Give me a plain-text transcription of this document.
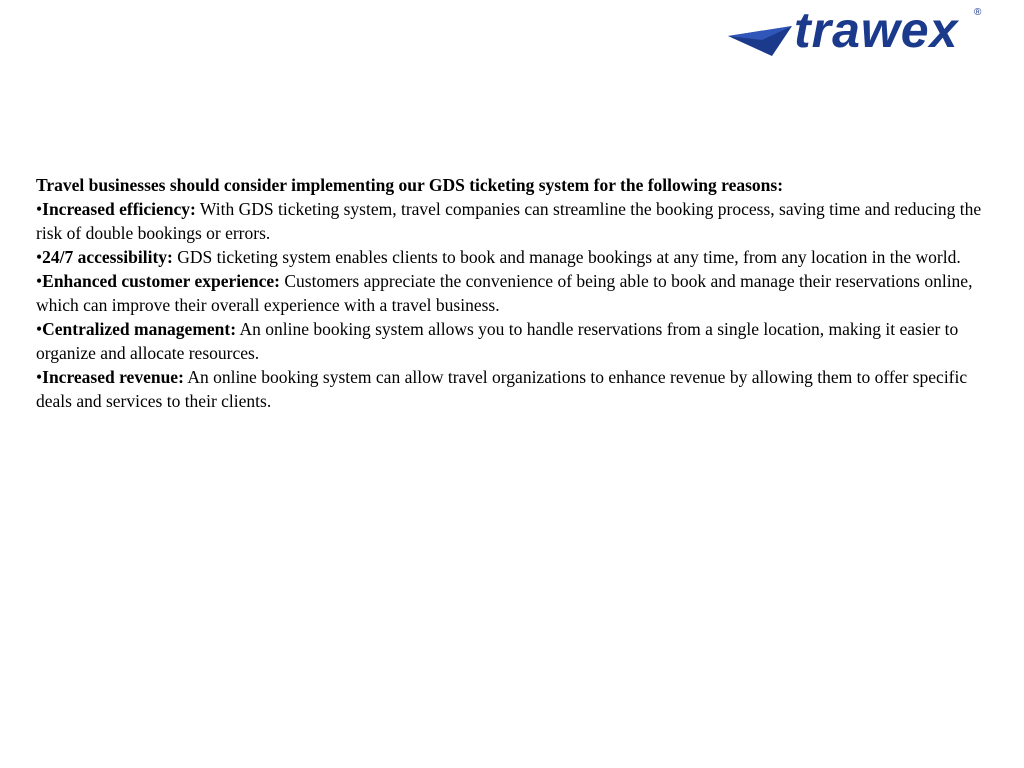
trawex ®

Travel businesses should consider implementing our GDS ticketing system for the following reasons:

•Increased efficiency: With GDS ticketing system, travel companies can streamline the booking process, saving time and reducing the risk of double bookings or errors.

•24/7 accessibility: GDS ticketing system enables clients to book and manage bookings at any time, from any location in the world.

•Enhanced customer experience: Customers appreciate the convenience of being able to book and manage their reservations online, which can improve their overall experience with a travel business.

•Centralized management: An online booking system allows you to handle reservations from a single location, making it easier to organize and allocate resources.

•Increased revenue: An online booking system can allow travel organizations to enhance revenue by allowing them to offer specific deals and services to their clients.
